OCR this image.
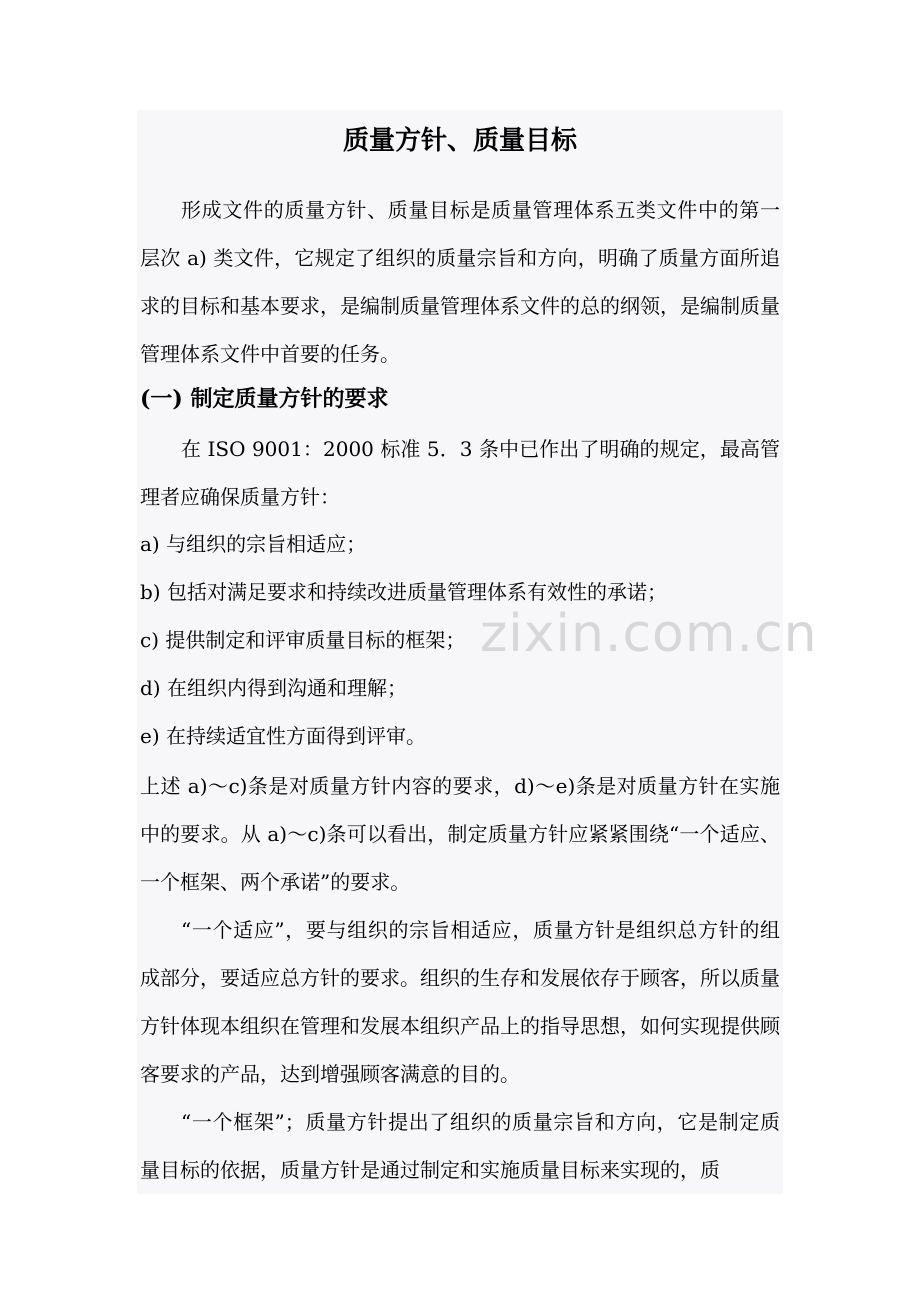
质量方针、质量目标

形成文件的质量方针、质量目标是质量管理体系五类文件中的第一层次 a) 类文件，它规定了组织的质量宗旨和方向，明确了质量方面所追求的目标和基本要求，是编制质量管理体系文件的总的纲领，是编制质量管理体系文件中首要的任务。

(一) 制定质量方针的要求

在 ISO 9001：2000 标准 5．3 条中已作出了明确的规定，最高管理者应确保质量方针：

a) 与组织的宗旨相适应；

b) 包括对满足要求和持续改进质量管理体系有效性的承诺；

c) 提供制定和评审质量目标的框架；

d) 在组织内得到沟通和理解；

e) 在持续适宜性方面得到评审。

上述 a)～c)条是对质量方针内容的要求，d)～e)条是对质量方针在实施中的要求。从 a)～c)条可以看出，制定质量方针应紧紧围绕“一个适应、一个框架、两个承诺”的要求。

“一个适应”，要与组织的宗旨相适应，质量方针是组织总方针的组成部分，要适应总方针的要求。组织的生存和发展依存于顾客，所以质量方针体现本组织在管理和发展本组织产品上的指导思想，如何实现提供顾客要求的产品，达到增强顾客满意的目的。

“一个框架”；质量方针提出了组织的质量宗旨和方向，它是制定质量目标的依据，质量方针是通过制定和实施质量目标来实现的，质

zixin.com.cn
